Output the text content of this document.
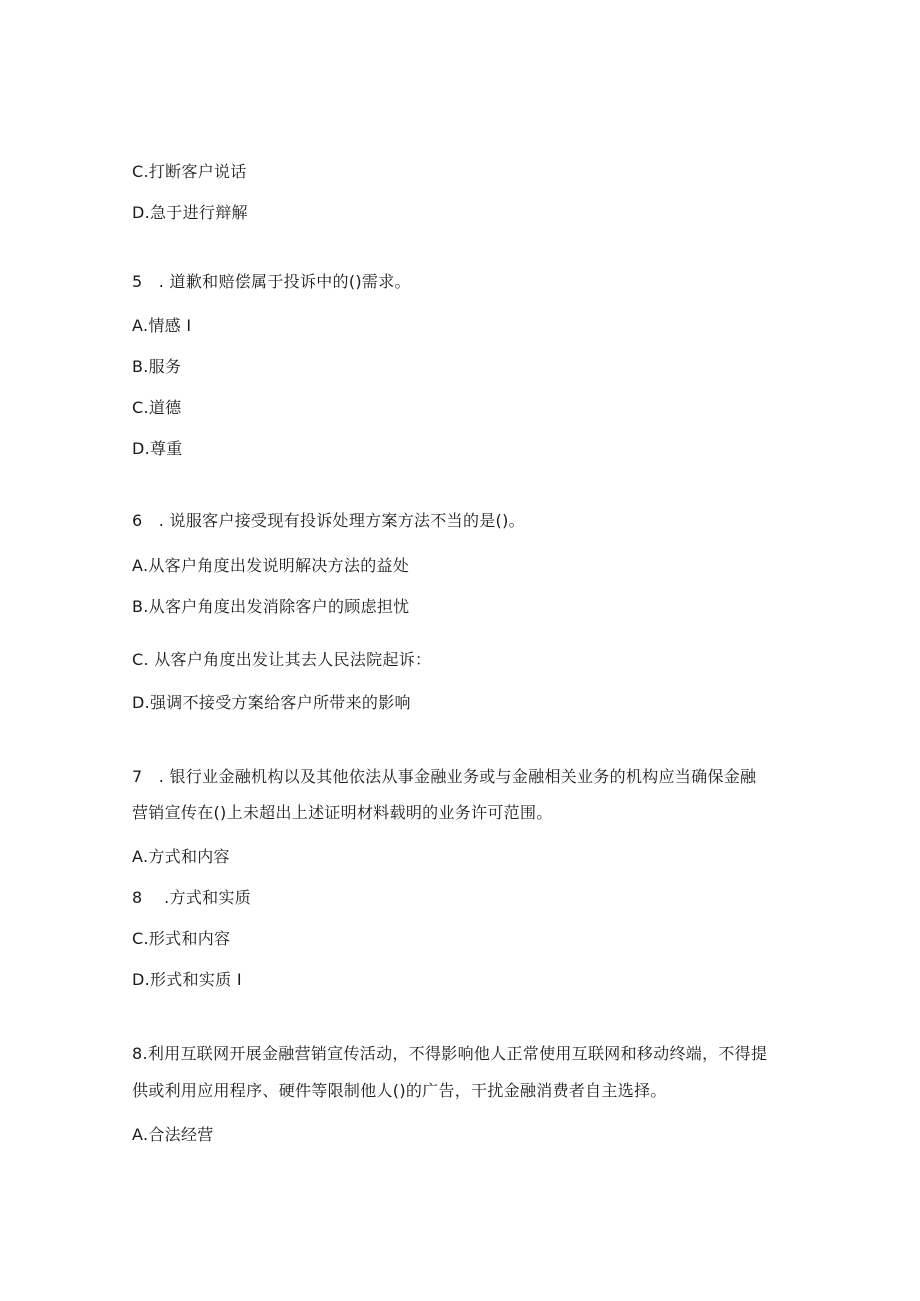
C.打断客户说话
D.急于进行辩解
5　. 道歉和赔偿属于投诉中的()需求。
A.情感 I
B.服务
C.道德
D.尊重
6　. 说服客户接受现有投诉处理方案方法不当的是()。
A.从客户角度出发说明解决方法的益处
B.从客户角度出发消除客户的顾虑担忧
C. 从客户角度出发让其去人民法院起诉：
D.强调不接受方案给客户所带来的影响
7　. 银行业金融机构以及其他依法从事金融业务或与金融相关业务的机构应当确保金融
营销宣传在()上未超出上述证明材料载明的业务许可范围。
A.方式和内容
8　 .方式和实质
C.形式和内容
D.形式和实质 I
8.利用互联网开展金融营销宣传活动，不得影响他人正常使用互联网和移动终端，不得提
供或利用应用程序、硬件等限制他人()的广告，干扰金融消费者自主选择。
A.合法经营
